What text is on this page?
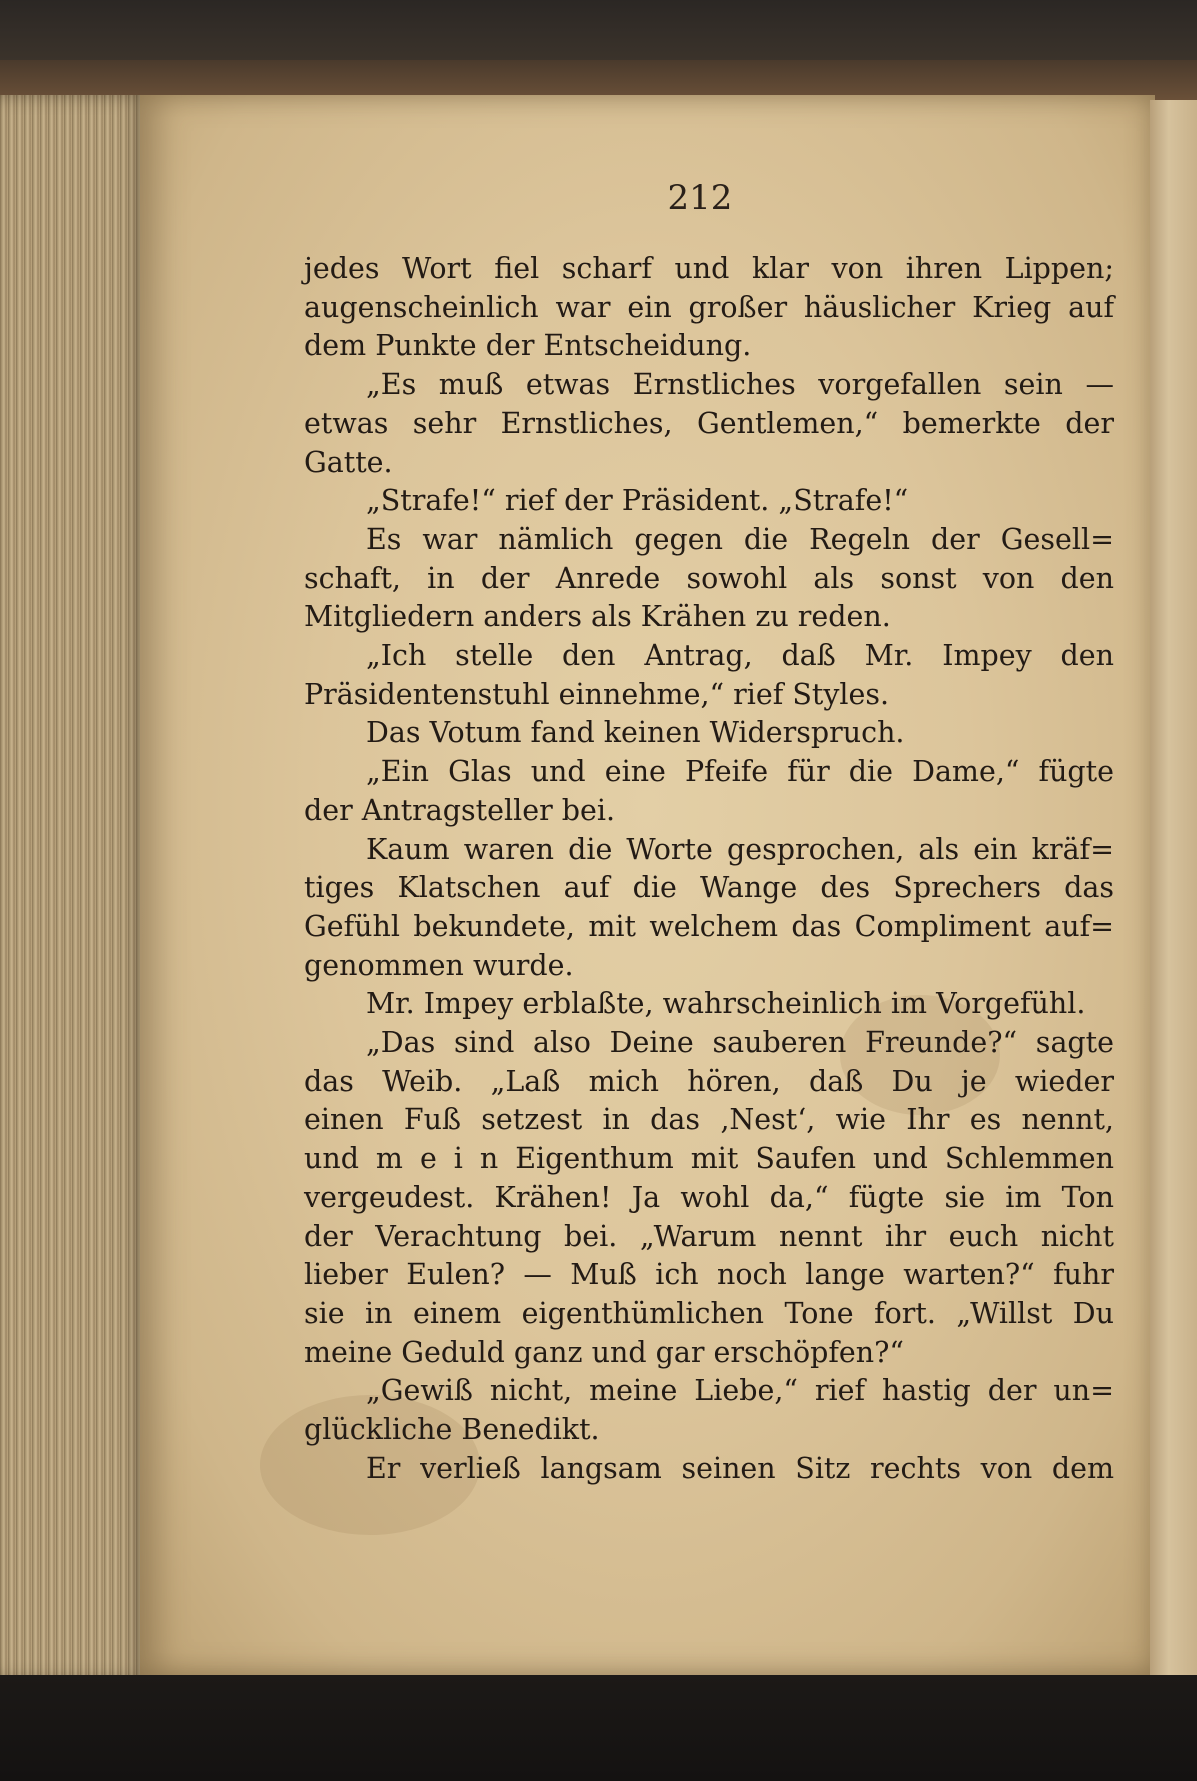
212
jedes Wort fiel scharf und klar von ihren Lippen;
augenscheinlich war ein großer häuslicher Krieg auf
dem Punkte der Entscheidung.
„Es muß etwas Ernstliches vorgefallen sein —
etwas sehr Ernstliches, Gentlemen,“ bemerkte der
Gatte.
„Strafe!“ rief der Präsident. „Strafe!“
Es war nämlich gegen die Regeln der Gesell=
schaft, in der Anrede sowohl als sonst von den
Mitgliedern anders als Krähen zu reden.
„Ich stelle den Antrag, daß Mr. Impey den
Präsidentenstuhl einnehme,“ rief Styles.
Das Votum fand keinen Widerspruch.
„Ein Glas und eine Pfeife für die Dame,“ fügte
der Antragsteller bei.
Kaum waren die Worte gesprochen, als ein kräf=
tiges Klatschen auf die Wange des Sprechers das
Gefühl bekundete, mit welchem das Compliment auf=
genommen wurde.
Mr. Impey erblaßte, wahrscheinlich im Vorgefühl.
„Das sind also Deine sauberen Freunde?“ sagte
das Weib. „Laß mich hören, daß Du je wieder
einen Fuß setzest in das ‚Nest‘, wie Ihr es nennt,
und m e i n Eigenthum mit Saufen und Schlemmen
vergeudest. Krähen! Ja wohl da,“ fügte sie im Ton
der Verachtung bei. „Warum nennt ihr euch nicht
lieber Eulen? — Muß ich noch lange warten?“ fuhr
sie in einem eigenthümlichen Tone fort. „Willst Du
meine Geduld ganz und gar erschöpfen?“
„Gewiß nicht, meine Liebe,“ rief hastig der un=
glückliche Benedikt.
Er verließ langsam seinen Sitz rechts von dem
